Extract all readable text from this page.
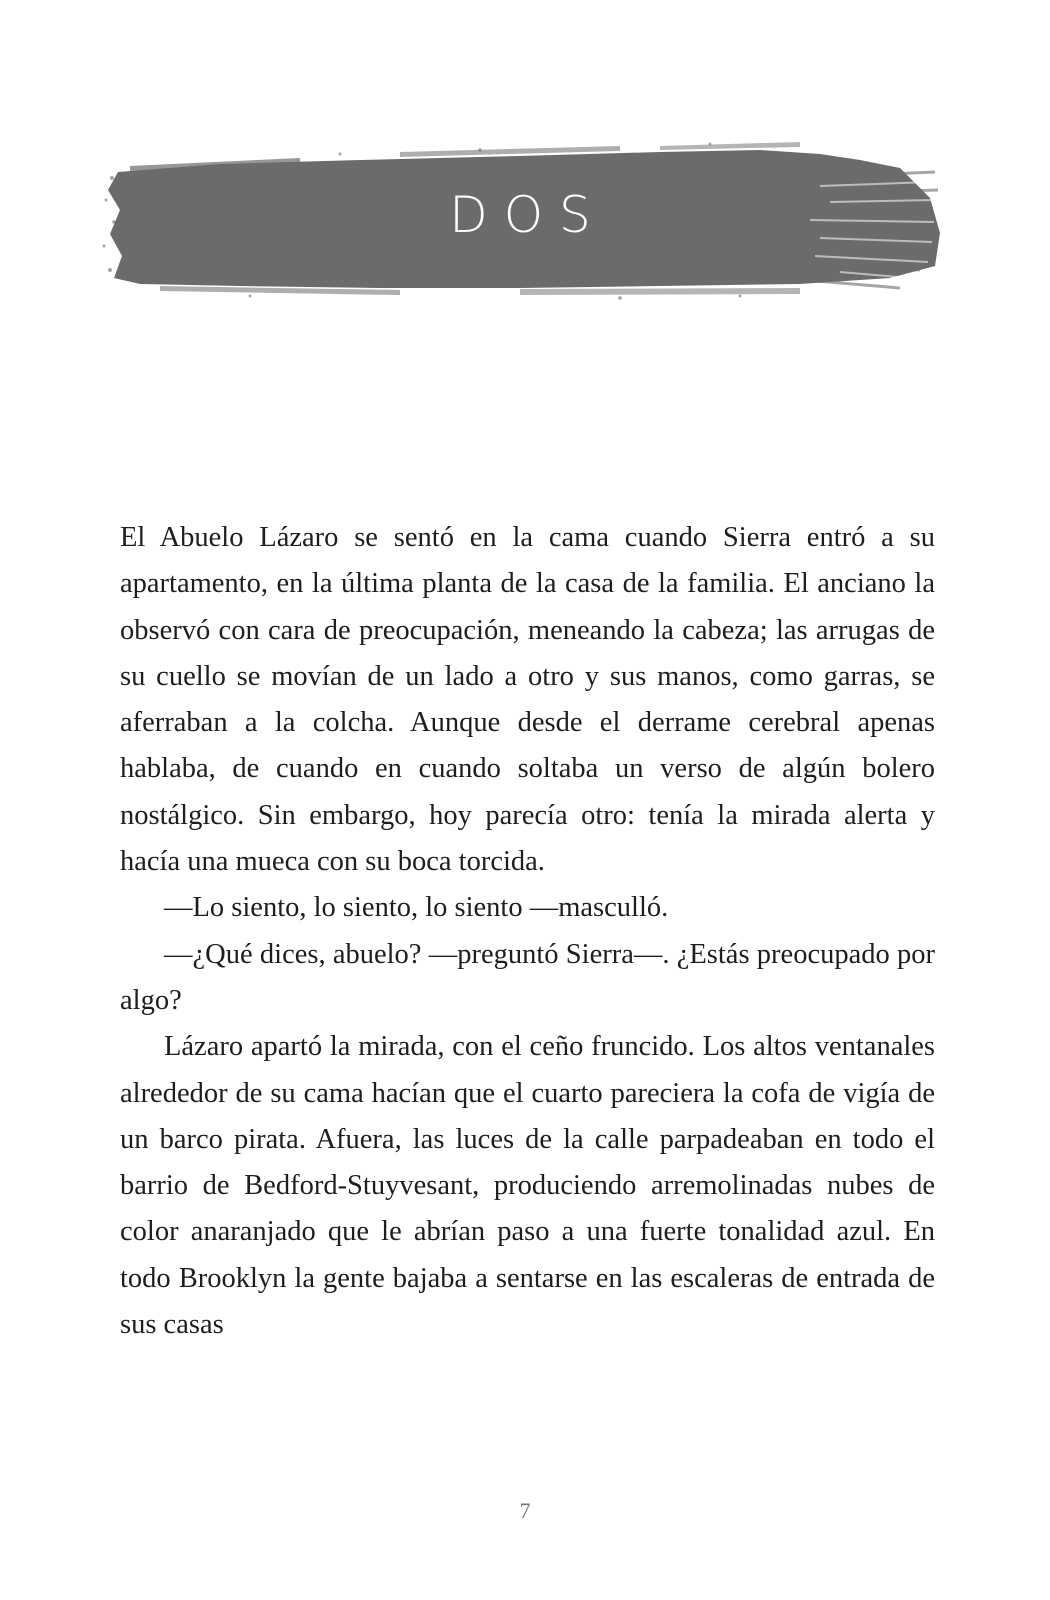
DOS

El Abuelo Lázaro se sentó en la cama cuando Sierra entró a su apartamento, en la última planta de la casa de la familia. El anciano la observó con cara de preocupación, meneando la cabeza; las arrugas de su cuello se movían de un lado a otro y sus manos, como garras, se aferraban a la colcha. Aunque desde el derrame cerebral apenas hablaba, de cuando en cuando soltaba un verso de algún bolero nostálgico. Sin embargo, hoy parecía otro: tenía la mirada alerta y hacía una mueca con su boca torcida.

—Lo siento, lo siento, lo siento —masculló.

—¿Qué dices, abuelo? —preguntó Sierra—. ¿Estás preocupado por algo?

Lázaro apartó la mirada, con el ceño fruncido. Los altos ventanales alrededor de su cama hacían que el cuarto pareciera la cofa de vigía de un barco pirata. Afuera, las luces de la calle parpadeaban en todo el barrio de Bedford-Stuyvesant, produciendo arremolinadas nubes de color anaranjado que le abrían paso a una fuerte tonalidad azul. En todo Brooklyn la gente bajaba a sentarse en las escaleras de entrada de sus casas

7
